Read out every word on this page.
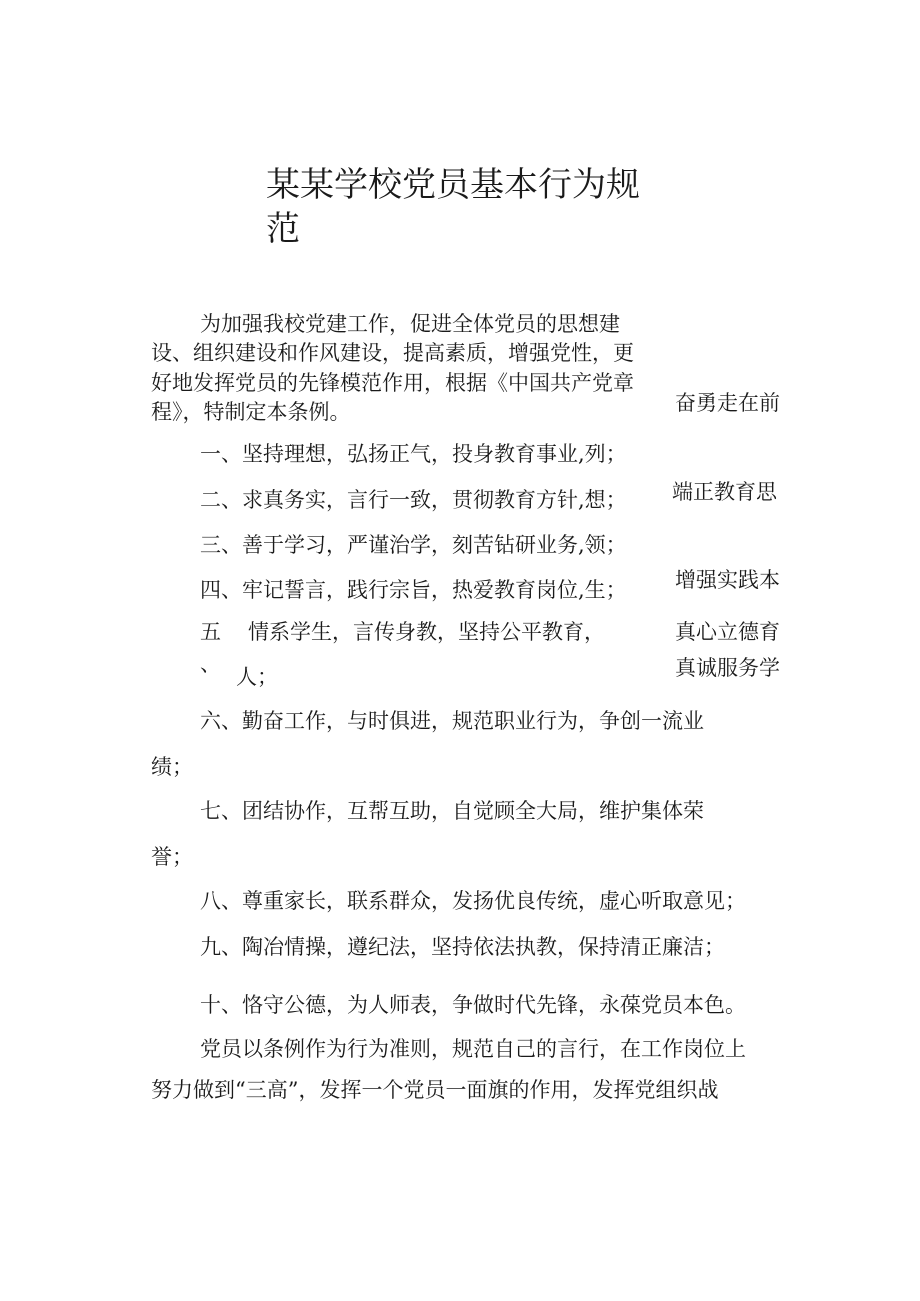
某某学校党员基本行为规
范
为加强我校党建工作，促进全体党员的思想建
设、组织建设和作风建设，提高素质，增强党性，更
好地发挥党员的先锋模范作用，根据《中国共产党章
程》，特制定本条例。	奋勇走在前
一、坚持理想，弘扬正气，投身教育事业,列；
二、求真务实，言行一致，贯彻教育方针,想； 端正教育思
三、善于学习，严谨治学，刻苦钻研业务,领；
四、牢记誓言，践行宗旨，热爱教育岗位,生； 增强实践本
五 情系学生，言传身教，坚持公平教育，	真心立德育
、
人；	真诚服务学
六、勤奋工作，与时俱进，规范职业行为，争创一流业
绩；
七、团结协作，互帮互助，自觉顾全大局，维护集体荣
誉；
八、尊重家长，联系群众，发扬优良传统，虚心听取意见；
九、陶冶情操，遵纪法，坚持依法执教，保持清正廉洁；
十、恪守公德，为人师表，争做时代先锋，永葆党员本色。
党员以条例作为行为准则，规范自己的言行，在工作岗位上
努力做到“三高”，发挥一个党员一面旗的作用，发挥党组织战
